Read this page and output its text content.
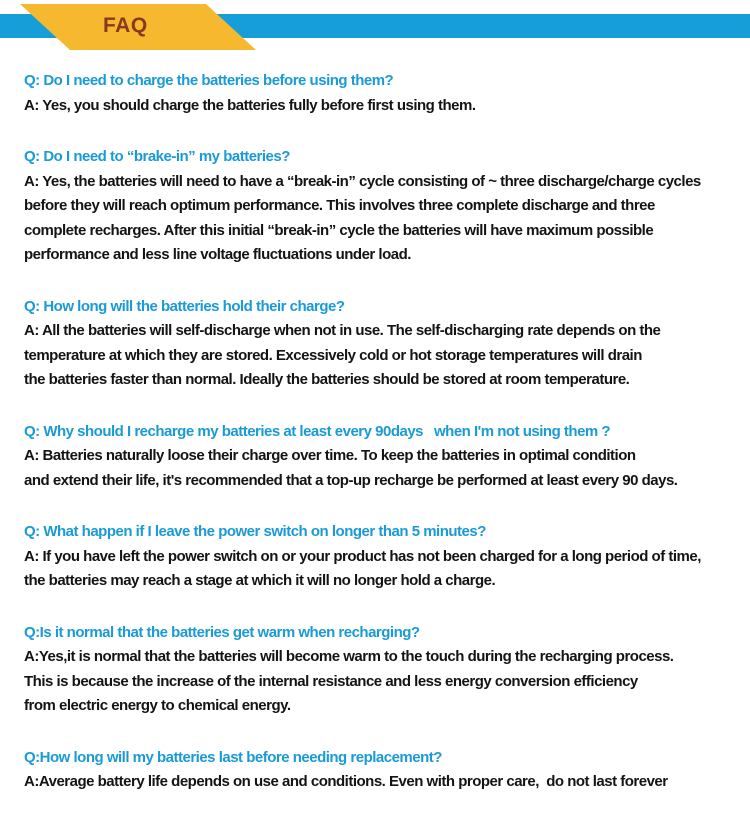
FAQ

Q: Do I need to charge the batteries before using them?

A: Yes, you should charge the batteries fully before first using them.

Q: Do I need to “brake-in” my batteries?

A: Yes, the batteries will need to have a “break-in” cycle consisting of ~ three discharge/charge cycles

before they will reach optimum performance. This involves three complete discharge and three

complete recharges. After this initial “break-in” cycle the batteries will have maximum possible

performance and less line voltage fluctuations under load.

Q: How long will the batteries hold their charge?

A: All the batteries will self-discharge when not in use. The self-discharging rate depends on the

temperature at which they are stored. Excessively cold or hot storage temperatures will drain

the batteries faster than normal. Ideally the batteries should be stored at room temperature.

Q: Why should I recharge my batteries at least every 90days   when I'm not using them ?

A: Batteries naturally loose their charge over time. To keep the batteries in optimal condition

and extend their life, it's recommended that a top-up recharge be performed at least every 90 days.

Q: What happen if I leave the power switch on longer than 5 minutes?

A: If you have left the power switch on or your product has not been charged for a long period of time,

the batteries may reach a stage at which it will no longer hold a charge.

Q:Is it normal that the batteries get warm when recharging?

A:Yes,it is normal that the batteries will become warm to the touch during the recharging process.

This is because the increase of the internal resistance and less energy conversion efficiency

from electric energy to chemical energy.

Q:How long will my batteries last before needing replacement?

A:Average battery life depends on use and conditions. Even with proper care,  do not last forever
